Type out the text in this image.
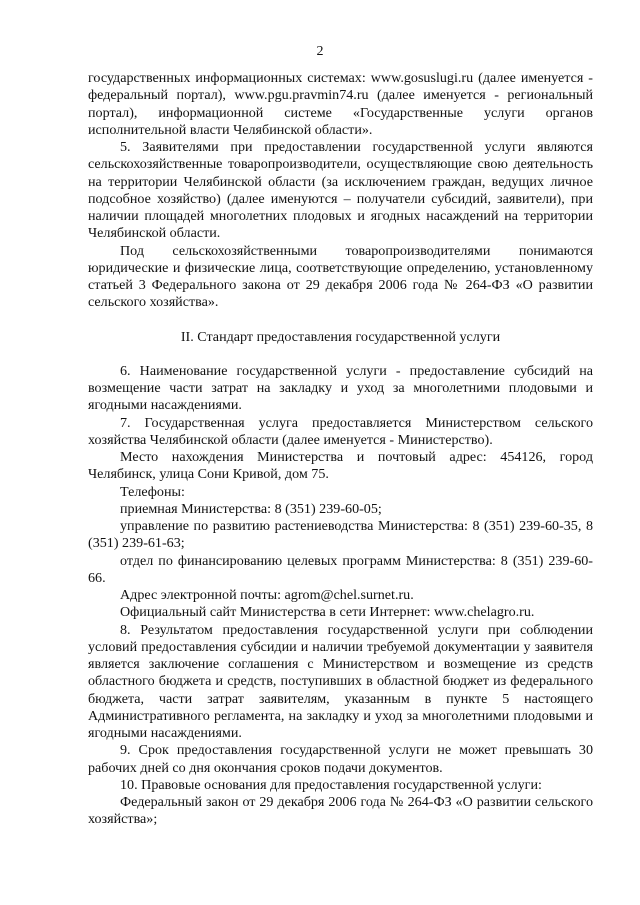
2

государственных информационных системах: www.gosuslugi.ru (далее именуется - федеральный портал), www.pgu.pravmin74.ru (далее именуется - региональный портал), информационной системе «Государственные услуги органов исполнительной власти Челябинской области».

5. Заявителями при предоставлении государственной услуги являются сельскохозяйственные товаропроизводители, осуществляющие свою деятельность на территории Челябинской области (за исключением граждан, ведущих личное подсобное хозяйство) (далее именуются – получатели субсидий, заявители), при наличии площадей многолетних плодовых и ягодных насаждений на территории Челябинской области.

Под сельскохозяйственными товаропроизводителями понимаются юридические и физические лица, соответствующие определению, установленному статьей 3 Федерального закона от 29 декабря 2006 года № 264-ФЗ «О развитии сельского хозяйства».

II. Стандарт предоставления государственной услуги

6. Наименование государственной услуги - предоставление субсидий на возмещение части затрат на закладку и уход за многолетними плодовыми и ягодными насаждениями.

7. Государственная услуга предоставляется Министерством сельского хозяйства Челябинской области (далее именуется - Министерство).

Место нахождения Министерства и почтовый адрес: 454126, город Челябинск, улица Сони Кривой, дом 75.

Телефоны:

приемная Министерства: 8 (351) 239-60-05;

управление по развитию растениеводства Министерства: 8 (351) 239-60-35, 8 (351) 239-61-63;

отдел по финансированию целевых программ Министерства: 8 (351) 239-60-66.

Адрес электронной почты: agrom@chel.surnet.ru.

Официальный сайт Министерства в сети Интернет: www.chelagro.ru.

8. Результатом предоставления государственной услуги при соблюдении условий предоставления субсидии и наличии требуемой документации у заявителя является заключение соглашения с Министерством и возмещение из средств областного бюджета и средств, поступивших в областной бюджет из федерального бюджета, части затрат заявителям, указанным в пункте 5 настоящего Административного регламента, на закладку и уход за многолетними плодовыми и ягодными насаждениями.

9. Срок предоставления государственной услуги не может превышать 30 рабочих дней со дня окончания сроков подачи документов.

10. Правовые основания для предоставления государственной услуги:

Федеральный закон от 29 декабря 2006 года № 264-ФЗ «О развитии сельского хозяйства»;
